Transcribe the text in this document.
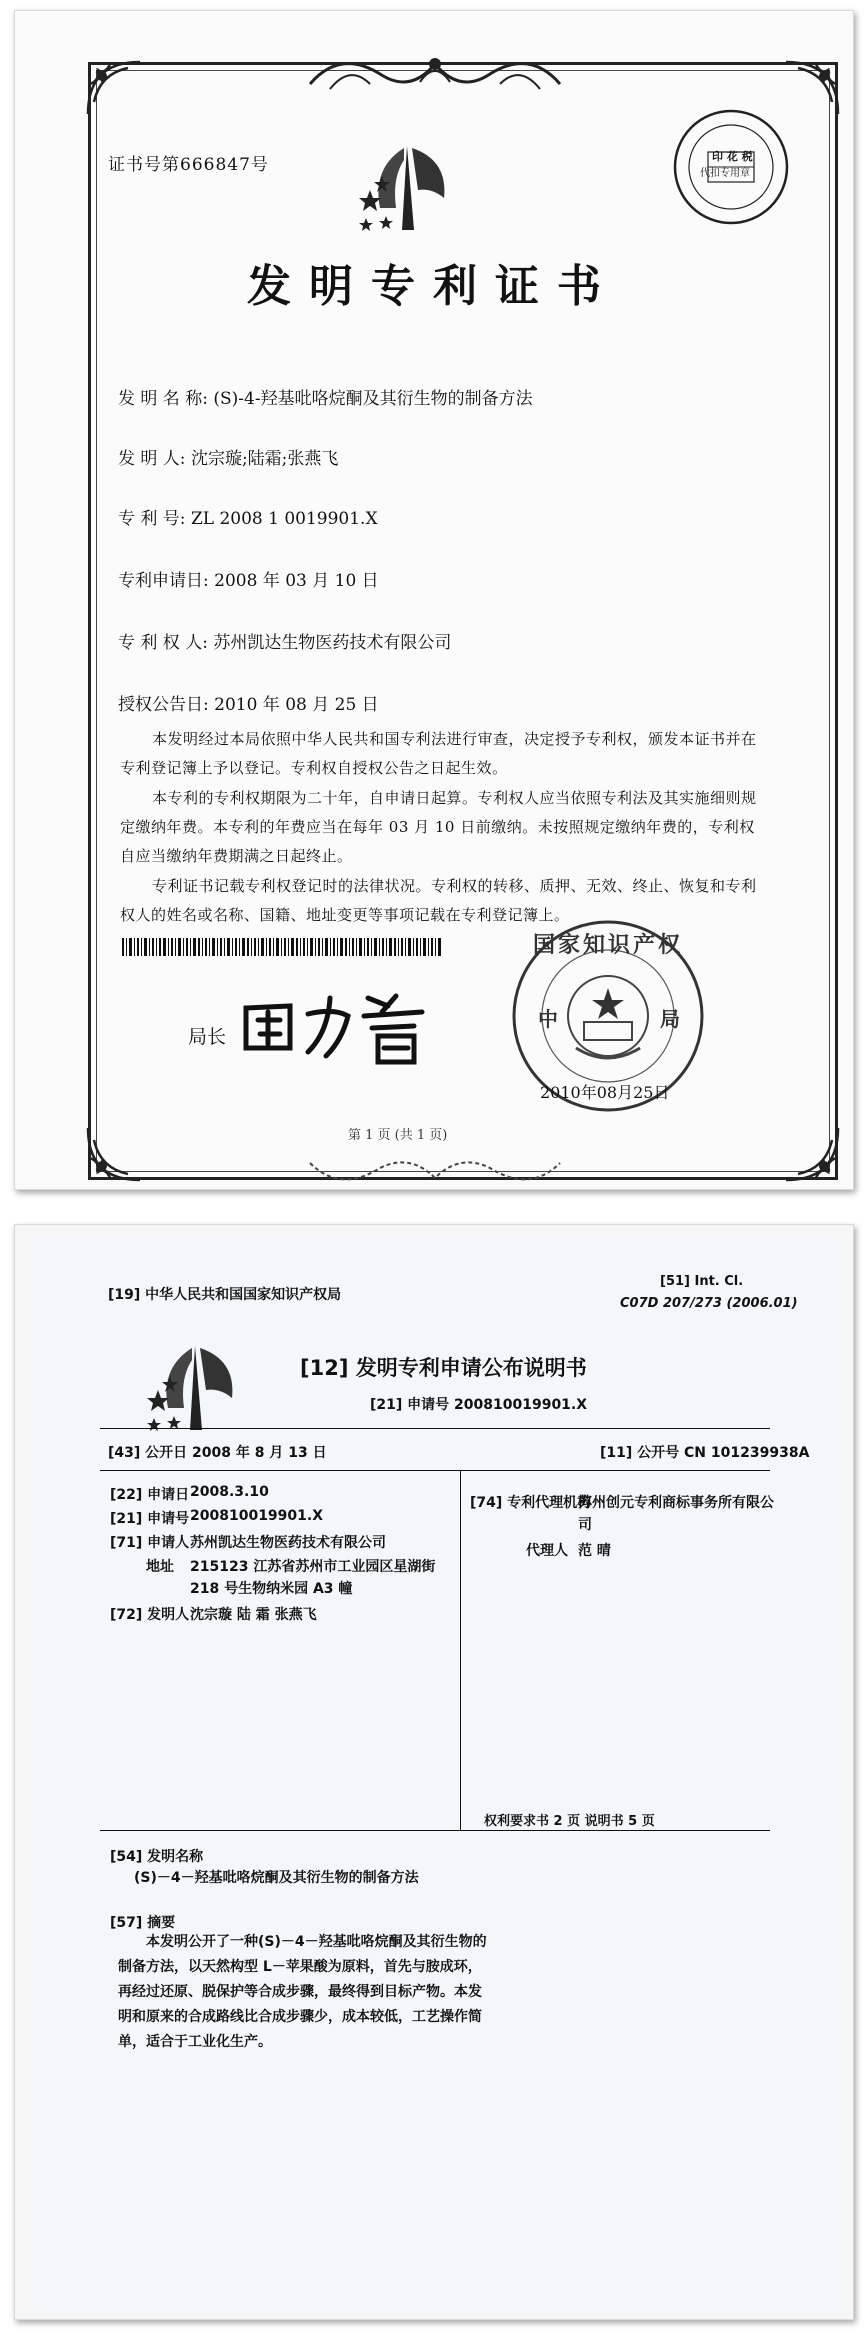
证书号第666847号	印 花 税
代扣专用章
发明专利证书
发 明 名 称: (S)-4-羟基吡咯烷酮及其衍生物的制备方法
发 明 人: 沈宗璇;陆霜;张燕飞
专 利 号: ZL 2008 1 0019901.X
专利申请日: 2008 年 03 月 10 日
专 利 权 人: 苏州凯达生物医药技术有限公司
授权公告日: 2010 年 08 月 25 日
本发明经过本局依照中华人民共和国专利法进行审查，决定授予专利权，颁发本证书并在专利登记簿上予以登记。专利权自授权公告之日起生效。
本专利的专利权期限为二十年，自申请日起算。专利权人应当依照专利法及其实施细则规定缴纳年费。本专利的年费应当在每年 03 月 10 日前缴纳。未按照规定缴纳年费的，专利权自应当缴纳年费期满之日起终止。
专利证书记载专利权登记时的法律状况。专利权的转移、质押、无效、终止、恢复和专利权人的姓名或名称、国籍、地址变更等事项记载在专利登记簿上。
局长
国家知识产权
中	局
2010年08月25日
第 1 页 (共 1 页)
[19] 中华人民共和国国家知识产权局
[51] Int. Cl.
C07D 207/273 (2006.01)
[12] 发明专利申请公布说明书
[21] 申请号 200810019901.X
[43] 公开日 2008 年 8 月 13 日	[11] 公开号 CN 101239938A
[22] 申请日 2008.3.10
[21] 申请号 200810019901.X
[71] 申请人 苏州凯达生物医药技术有限公司
地址 215123 江苏省苏州市工业园区星湖街 218 号生物纳米园 A3 幢
[72] 发明人 沈宗璇 陆 霜 张燕飞
[74] 专利代理机构
苏州创元专利商标事务所有限公司
代理人 范 晴
权利要求书 2 页 说明书 5 页
[54] 发明名称
(S)－4－羟基吡咯烷酮及其衍生物的制备方法
[57] 摘要
本发明公开了一种(S)－4－羟基吡咯烷酮及其衍生物的制备方法，以天然构型 L－苹果酸为原料，首先与胺成环，再经过还原、脱保护等合成步骤，最终得到目标产物。本发明和原来的合成路线比合成步骤少，成本较低，工艺操作简单，适合于工业化生产。
